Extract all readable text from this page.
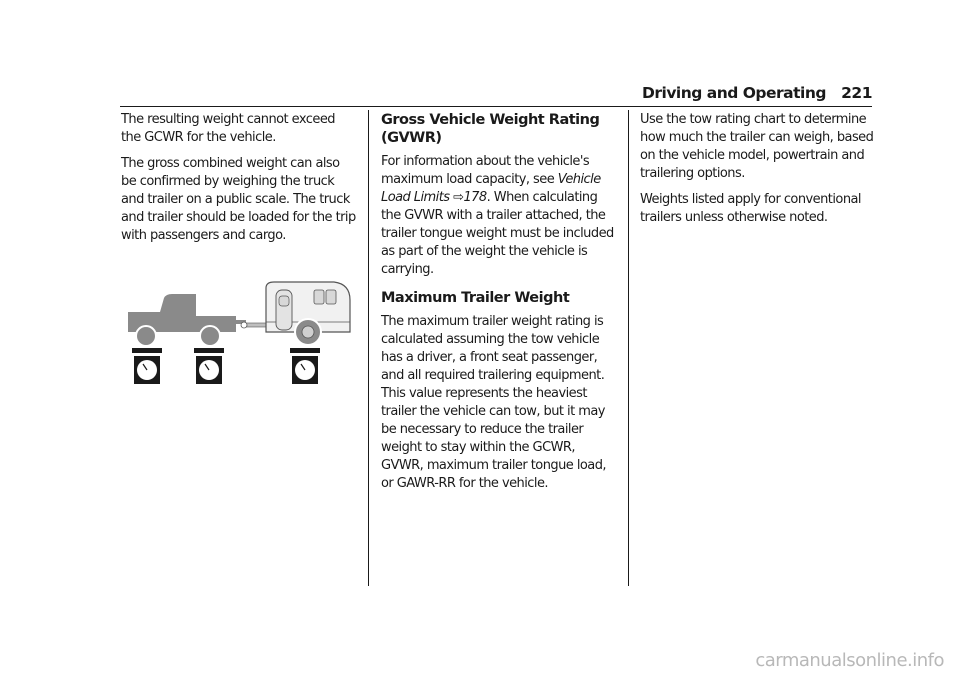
Driving and Operating 221

The resulting weight cannot exceed the GCWR for the vehicle.

The gross combined weight can also be confirmed by weighing the truck and trailer on a public scale. The truck and trailer should be loaded for the trip with passengers and cargo.

Gross Vehicle Weight Rating (GVWR)

For information about the vehicle's maximum load capacity, see Vehicle Load Limits ⇨178. When calculating the GVWR with a trailer attached, the trailer tongue weight must be included as part of the weight the vehicle is carrying.

Maximum Trailer Weight

The maximum trailer weight rating is calculated assuming the tow vehicle has a driver, a front seat passenger, and all required trailering equipment. This value represents the heaviest trailer the vehicle can tow, but it may be necessary to reduce the trailer weight to stay within the GCWR, GVWR, maximum trailer tongue load, or GAWR-RR for the vehicle.

Use the tow rating chart to determine how much the trailer can weigh, based on the vehicle model, powertrain and trailering options.

Weights listed apply for conventional trailers unless otherwise noted.

carmanualsonline.info
